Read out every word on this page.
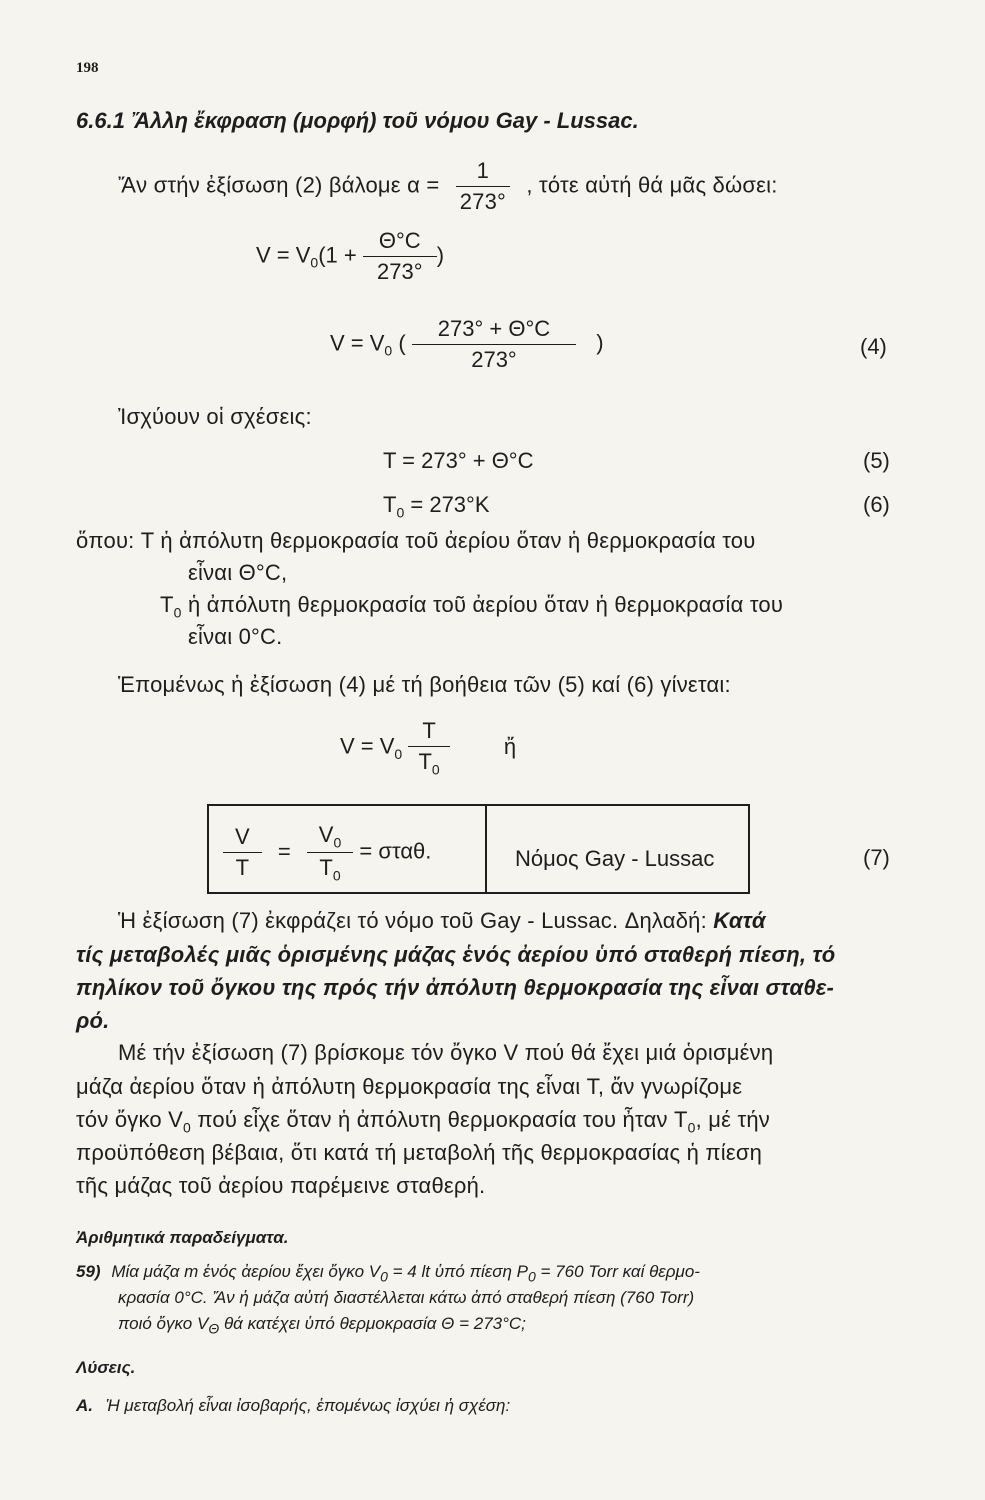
198
6.6.1 Ἄλλη ἔκφραση (μορφή) τοῦ νόμου Gay - Lussac.
Ἄν στήν ἐξίσωση (2) βάλομε $\alpha = \frac{1}{273^\circ}$ , τότε αὐτή θά μᾶς δώσει:
$V = V_0(1 + \frac{\Theta^\circ C}{273^\circ}$ )
$V = V_0$ ( $\frac{273^\circ + \Theta^\circ C}{273^\circ}$ )	(4)
Ἰσχύουν οἱ σχέσεις:
T = 273° + Θ°C	(5)
$T_0 = 273^\circ K$	(6)
ὅπου: T ἡ ἀπόλυτη θερμοκρασία τοῦ ἀερίου ὅταν ἡ θερμοκρασία του
εἶναι Θ°C,
$T_0$ ἡ ἀπόλυτη θερμοκρασία τοῦ ἀερίου ὅταν ἡ θερμοκρασία του
εἶναι 0°C.
Ἑπομένως ἡ ἐξίσωση (4) μέ τή βοήθεια τῶν (5) καί (6) γίνεται:
$V = V_0 \frac{T}{T_0}$ ἤ
$\frac{V}{T} = \frac{V_0}{T_0} = \sigma\tau\alpha\theta$.	Νόμος Gay - Lussac	(7)
Ἡ ἐξίσωση (7) ἐκφράζει τό νόμο τοῦ Gay - Lussac. Δηλαδή: Κατά
τίς μεταβολές μιᾶς ὁρισμένης μάζας ἑνός ἀερίου ὑπό σταθερή πίεση, τό
πηλίκον τοῦ ὄγκου της πρός τήν ἀπόλυτη θερμοκρασία της εἶναι σταθε-
ρό.
Μέ τήν ἐξίσωση (7) βρίσκομε τόν ὄγκο V πού θά ἔχει μιά ὁρισμένη
μάζα ἀερίου ὅταν ἡ ἀπόλυτη θερμοκρασία της εἶναι T, ἄν γνωρίζομε
τόν ὄγκο $V_0$ πού εἶχε ὅταν ἡ ἀπόλυτη θερμοκρασία του ἦταν $T_0$, μέ τήν
προϋπόθεση βέβαια, ὅτι κατά τή μεταβολή τῆς θερμοκρασίας ἡ πίεση
τῆς μάζας τοῦ ἀερίου παρέμεινε σταθερή.
Ἀριθμητικά παραδείγματα.
59) Μία μάζα m ἑνός ἀερίου ἔχει ὄγκο $V_0 = 4$ lt ὑπό πίεση $P_0 = 760$ Torr καί θερμο-
κρασία 0°C. Ἄν ἡ μάζα αὐτή διαστέλλεται κάτω ἀπό σταθερή πίεση (760 Torr)
ποιό ὄγκο $V_\Theta$ θά κατέχει ὑπό θερμοκρασία Θ = 273°C;
Λύσεις.
A. Ἡ μεταβολή εἶναι ἰσοβαρής, ἑπομένως ἰσχύει ἡ σχέση:
